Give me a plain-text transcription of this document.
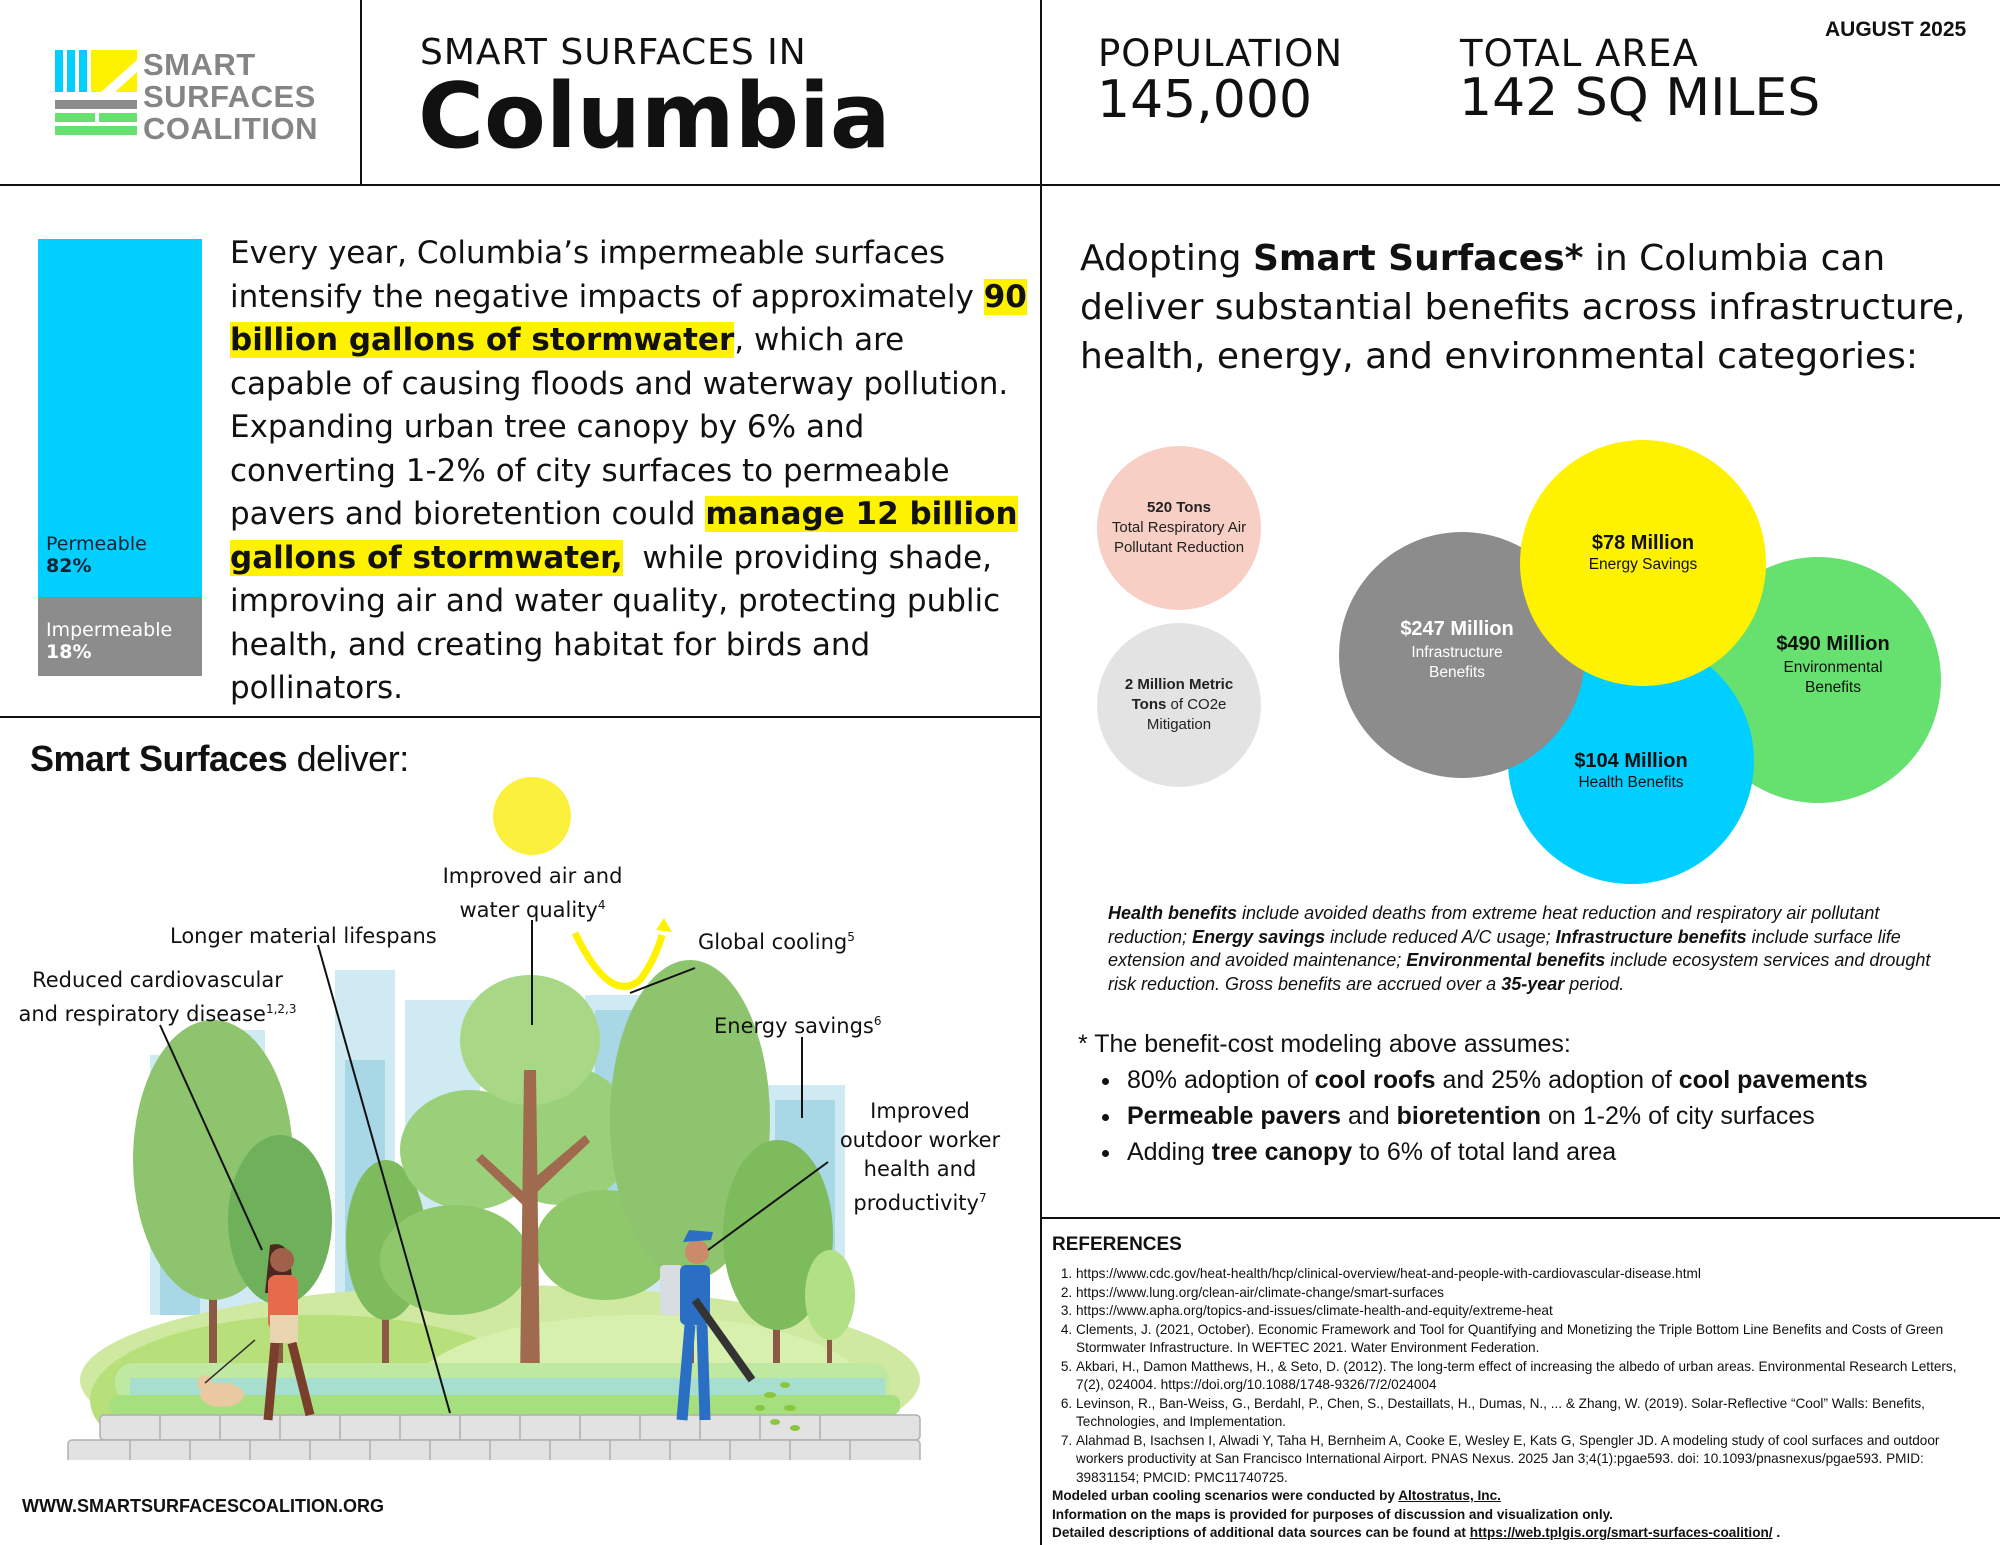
SMART
SURFACES
COALITION
SMART SURFACES IN
Columbia
POPULATION
145,000
TOTAL AREA
142 SQ MILES
AUGUST 2025
Permeable
82%
Impermeable
18%
Every year, Columbia’s impermeable surfaces intensify the negative impacts of approximately 90 billion gallons of stormwater, which are capable of causing floods and waterway pollution. Expanding urban tree canopy by 6% and converting 1-2% of city surfaces to permeable pavers and bioretention could manage 12 billion gallons of stormwater,  while providing shade, improving air and water quality, protecting public health, and creating habitat for birds and pollinators.
Adopting Smart Surfaces* in Columbia can deliver substantial benefits across infrastructure, health, energy, and environmental categories:
520 Tons
Total Respiratory Air Pollutant Reduction
2 Million Metric Tons of CO2e Mitigation
$490 Million
Environmental Benefits
$104 Million
Health Benefits
$247 Million
Infrastructure Benefits
$78 Million
Energy Savings
Health benefits include avoided deaths from extreme heat reduction and respiratory air pollutant reduction; Energy savings include reduced A/C usage; Infrastructure benefits include surface life extension and avoided maintenance; Environmental benefits include ecosystem services and drought risk reduction. Gross benefits are accrued over a 35-year period.
* The benefit-cost modeling above assumes:
• 80% adoption of cool roofs and 25% adoption of cool pavements
• Permeable pavers and bioretention on 1-2% of city surfaces
• Adding tree canopy to 6% of total land area
REFERENCES
1. https://www.cdc.gov/heat-health/hcp/clinical-overview/heat-and-people-with-cardiovascular-disease.html
2. https://www.lung.org/clean-air/climate-change/smart-surfaces
3. https://www.apha.org/topics-and-issues/climate-health-and-equity/extreme-heat
4. Clements, J. (2021, October). Economic Framework and Tool for Quantifying and Monetizing the Triple Bottom Line Benefits and Costs of Green Stormwater Infrastructure. In WEFTEC 2021. Water Environment Federation.
5. Akbari, H., Damon Matthews, H., & Seto, D. (2012). The long-term effect of increasing the albedo of urban areas. Environmental Research Letters, 7(2), 024004. https://doi.org/10.1088/1748-9326/7/2/024004
6. Levinson, R., Ban-Weiss, G., Berdahl, P., Chen, S., Destaillats, H., Dumas, N., ... & Zhang, W. (2019). Solar-Reflective “Cool” Walls: Benefits, Technologies, and Implementation.
7. Alahmad B, Isachsen I, Alwadi Y, Taha H, Bernheim A, Cooke E, Wesley E, Kats G, Spengler JD. A modeling study of cool surfaces and outdoor workers productivity at San Francisco International Airport. PNAS Nexus. 2025 Jan 3;4(1):pgae593. doi: 10.1093/pnasnexus/pgae593. PMID: 39831154; PMCID: PMC11740725.
Modeled urban cooling scenarios were conducted by Altostratus, Inc.
Information on the maps is provided for purposes of discussion and visualization only.
Detailed descriptions of additional data sources can be found at https://web.tplgis.org/smart-surfaces-coalition/ .
Smart Surfaces deliver:
Improved air and
water quality$^4$
Longer material lifespans	Global cooling$^5$
Reduced cardiovascular
and respiratory disease$^{1,2,3}$
Energy savings$^6$
Improved
outdoor worker
health and
productivity$^7$
WWW.SMARTSURFACESCOALITION.ORG
